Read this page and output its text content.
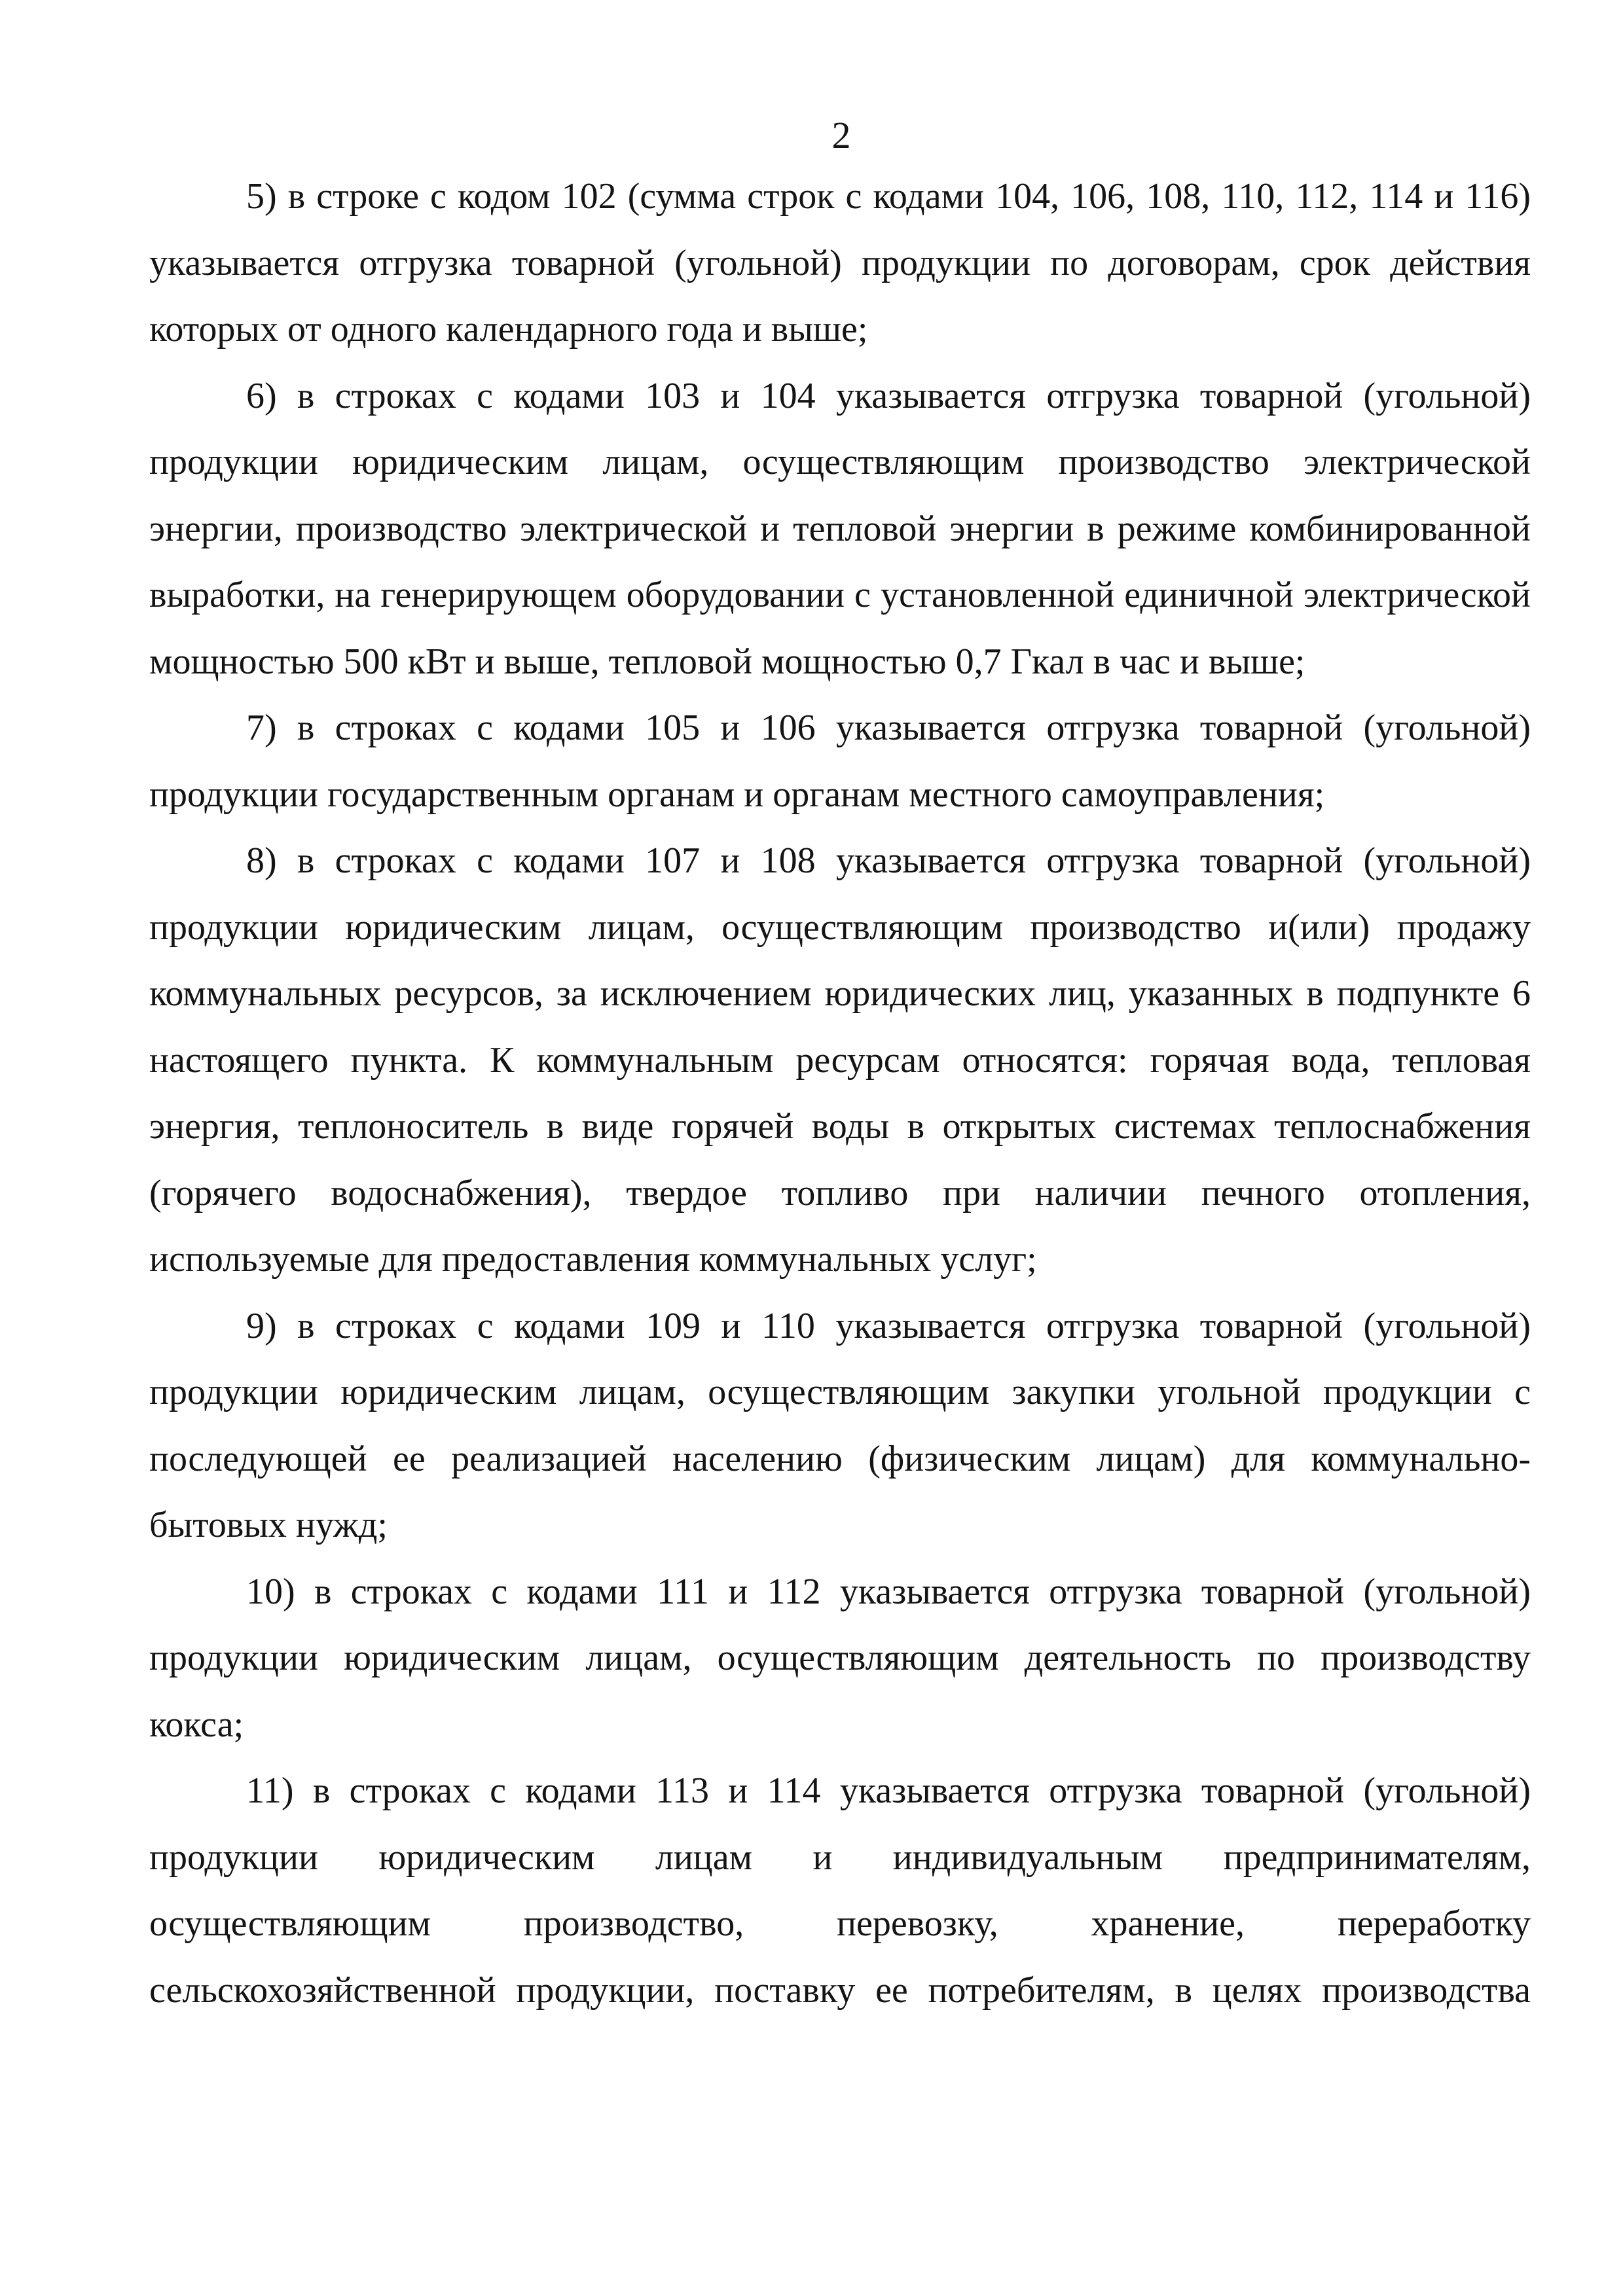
2

5) в строке с кодом 102 (сумма строк с кодами 104, 106, 108, 110, 112, 114 и 116) указывается отгрузка товарной (угольной) продукции по договорам, срок действия которых от одного календарного года и выше;

6) в строках с кодами 103 и 104 указывается отгрузка товарной (угольной) продукции юридическим лицам, осуществляющим производство электрической энергии, производство электрической и тепловой энергии в режиме комбинированной выработки, на генерирующем оборудовании с установленной единичной электрической мощностью 500 кВт и выше, тепловой мощностью 0,7 Гкал в час и выше;

7) в строках с кодами 105 и 106 указывается отгрузка товарной (угольной) продукции государственным органам и органам местного самоуправления;

8) в строках с кодами 107 и 108 указывается отгрузка товарной (угольной) продукции юридическим лицам, осуществляющим производство и(или) продажу коммунальных ресурсов, за исключением юридических лиц, указанных в подпункте 6 настоящего пункта. К коммунальным ресурсам относятся: горячая вода, тепловая энергия, теплоноситель в виде горячей воды в открытых системах теплоснабжения (горячего водоснабжения), твердое топливо при наличии печного отопления, используемые для предоставления коммунальных услуг;

9) в строках с кодами 109 и 110 указывается отгрузка товарной (угольной) продукции юридическим лицам, осуществляющим закупки угольной продукции с последующей ее реализацией населению (физическим лицам) для коммунально-бытовых нужд;

10) в строках с кодами 111 и 112 указывается отгрузка товарной (угольной) продукции юридическим лицам, осуществляющим деятельность по производству кокса;

11) в строках с кодами 113 и 114 указывается отгрузка товарной (угольной) продукции юридическим лицам и индивидуальным предпринимателям, осуществляющим производство, перевозку, хранение, переработку сельскохозяйственной продукции, поставку ее потребителям, в целях производства
